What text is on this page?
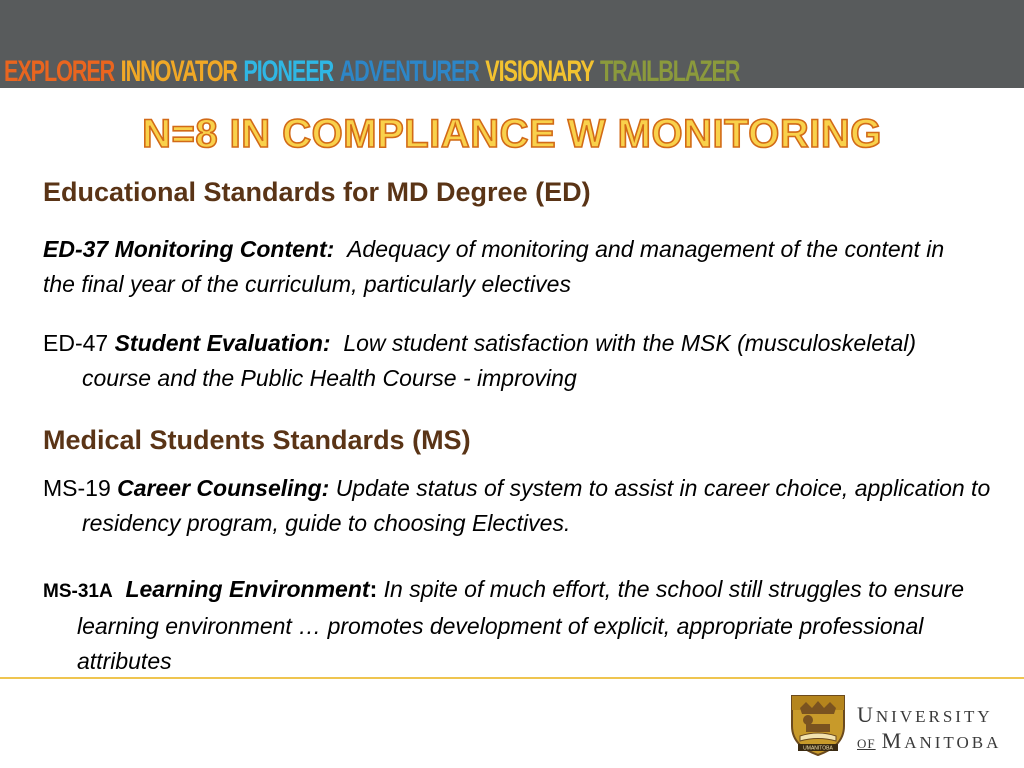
EXPLORER INNOVATOR PIONEER ADVENTURER VISIONARY TRAILBLAZER
N=8 IN COMPLIANCE W MONITORING
Educational Standards for MD Degree (ED)

ED-37 Monitoring Content: Adequacy of monitoring and management of the content in the final year of the curriculum, particularly electives

ED-47 Student Evaluation: Low student satisfaction with the MSK (musculoskeletal) course and the Public Health Course - improving

Medical Students Standards (MS)

MS-19 Career Counseling: Update status of system to assist in career choice, application to residency program, guide to choosing Electives.

MS-31A Learning Environment: In spite of much effort, the school still struggles to ensure learning environment … promotes development of explicit, appropriate professional attributes

UMANITOBA
UNIVERSITY
OF MANITOBA
